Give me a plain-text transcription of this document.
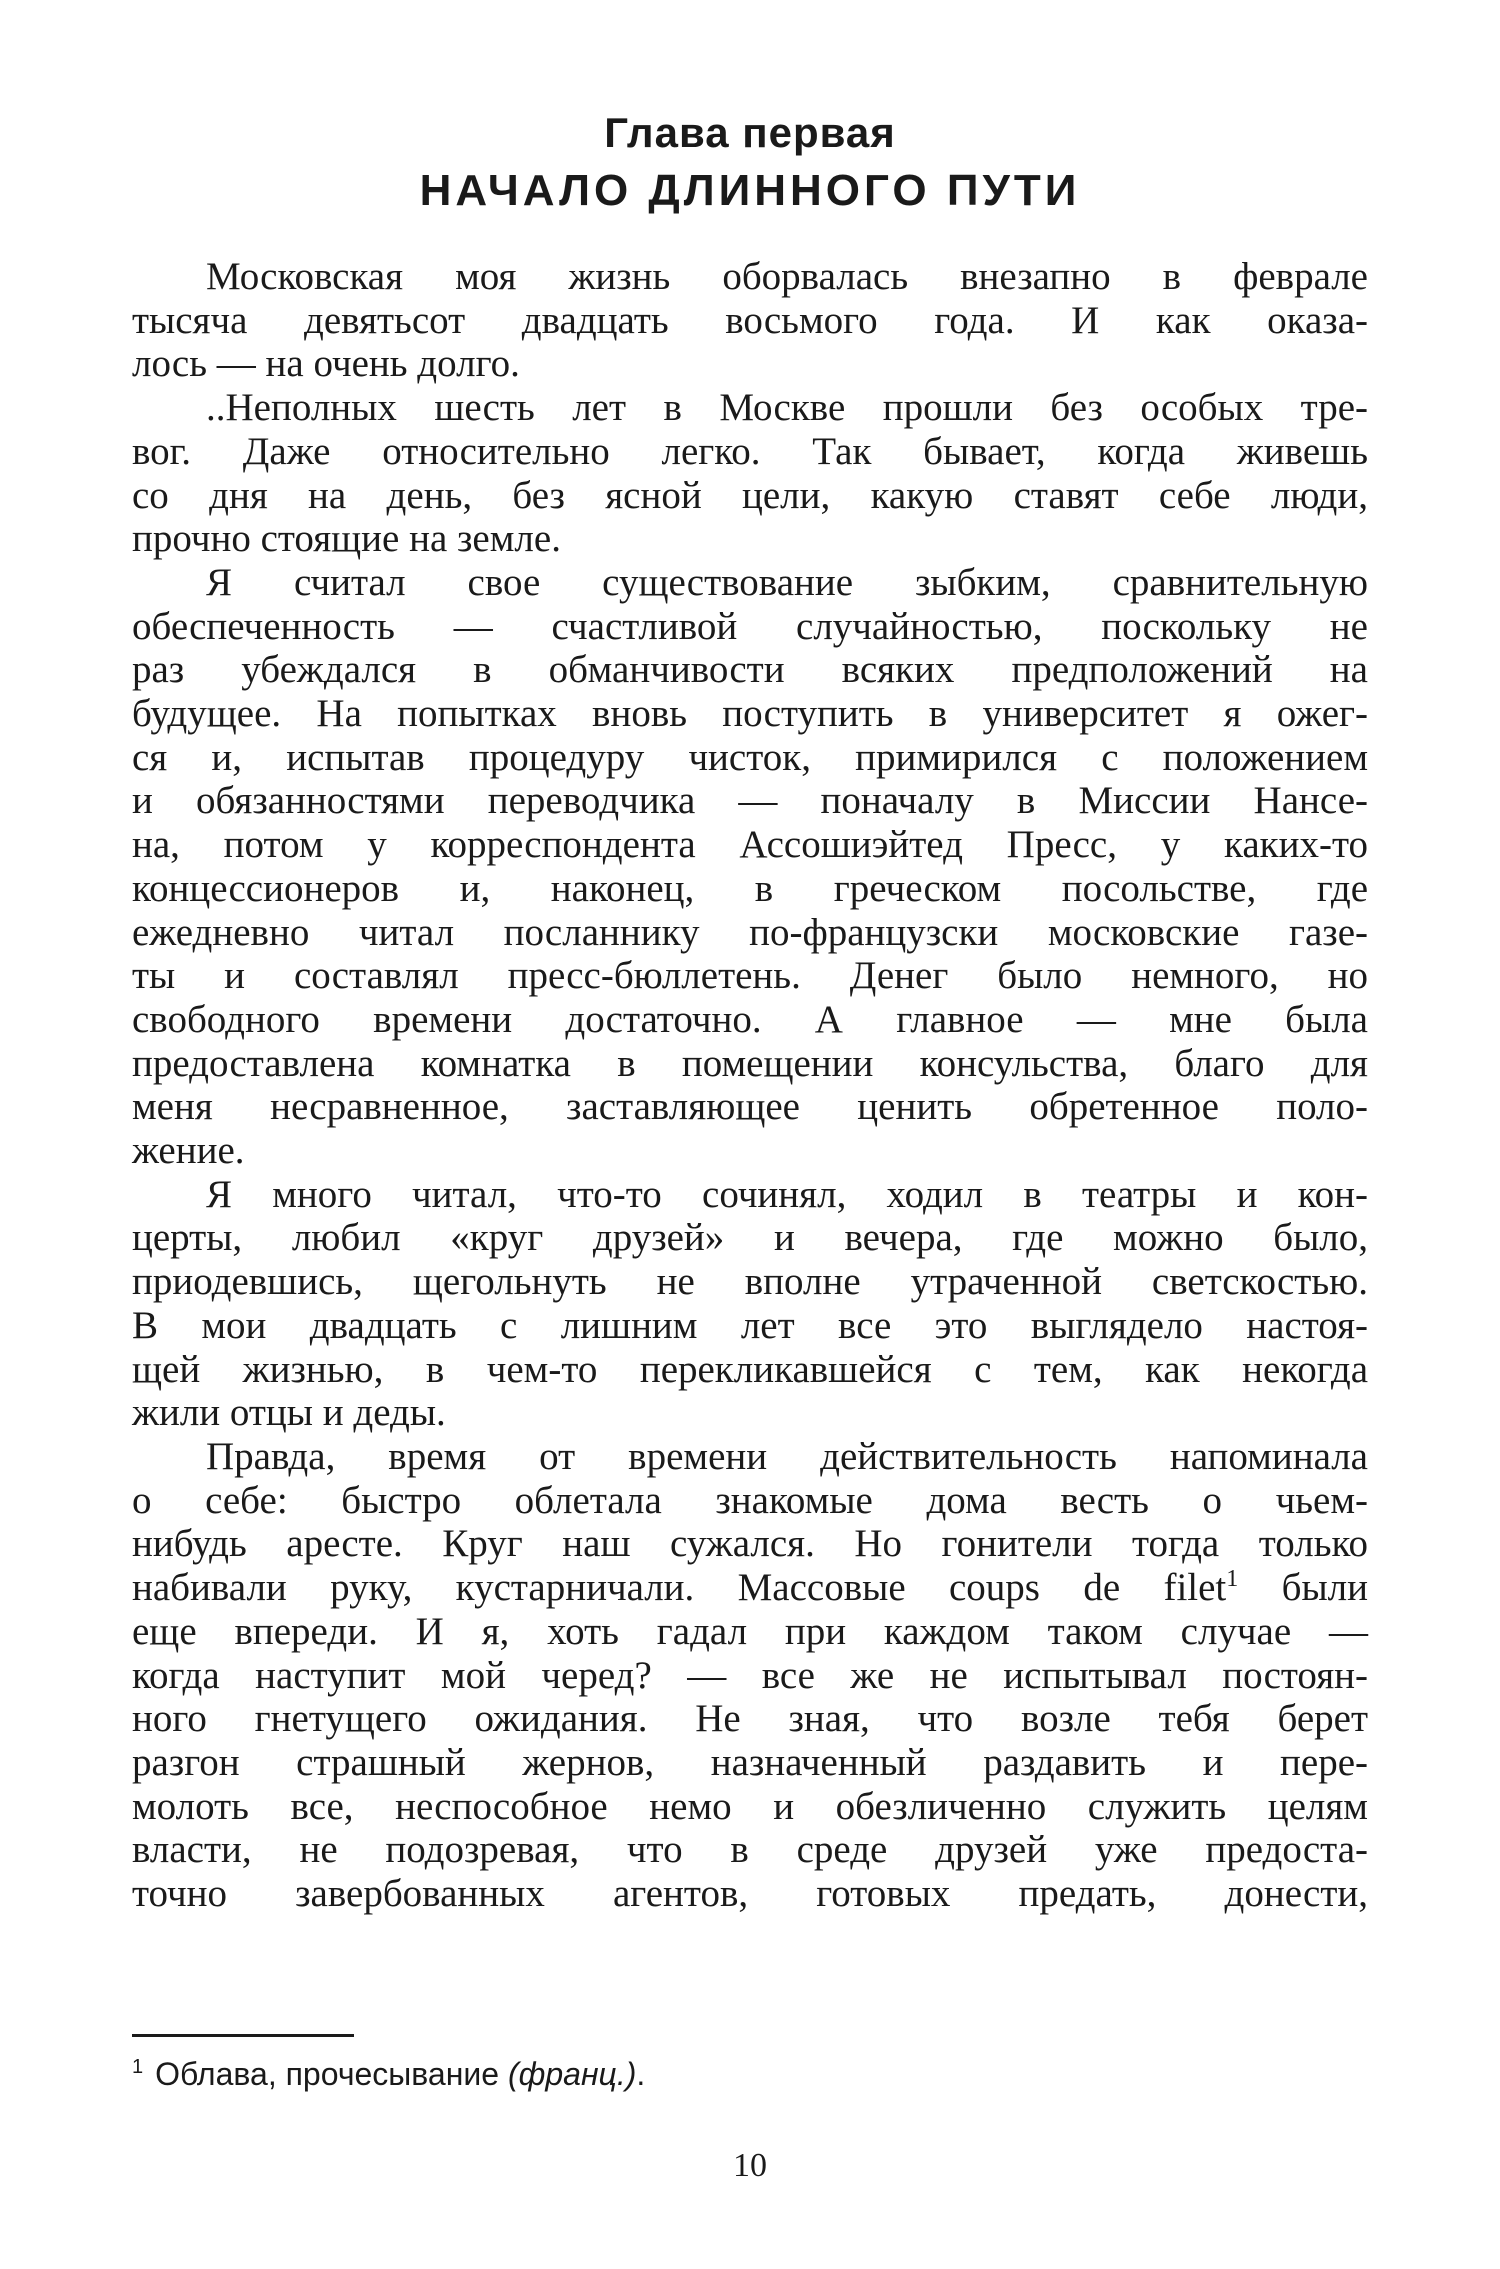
Глава первая
НАЧАЛО ДЛИННОГО ПУТИ
Московская моя жизнь оборвалась внезапно в феврале
тысяча девятьсот двадцать восьмого года. И как оказа-
лось — на очень долго.
..Неполных шесть лет в Москве прошли без особых тре-
вог. Даже относительно легко. Так бывает, когда живешь
со дня на день, без ясной цели, какую ставят себе люди,
прочно стоящие на земле.
Я считал свое существование зыбким, сравнительную
обеспеченность — счастливой случайностью, поскольку не
раз убеждался в обманчивости всяких предположений на
будущее. На попытках вновь поступить в университет я ожег-
ся и, испытав процедуру чисток, примирился с положением
и обязанностями переводчика — поначалу в Миссии Нансе-
на, потом у корреспондента Ассошиэйтед Пресс, у каких-то
концессионеров и, наконец, в греческом посольстве, где
ежедневно читал посланнику по-французски московские газе-
ты и составлял пресс-бюллетень. Денег было немного, но
свободного времени достаточно. А главное — мне была
предоставлена комнатка в помещении консульства, благо для
меня несравненное, заставляющее ценить обретенное поло-
жение.
Я много читал, что-то сочинял, ходил в театры и кон-
церты, любил «круг друзей» и вечера, где можно было,
приодевшись, щегольнуть не вполне утраченной светскостью.
В мои двадцать с лишним лет все это выглядело настоя-
щей жизнью, в чем-то перекликавшейся с тем, как некогда
жили отцы и деды.
Правда, время от времени действительность напоминала
о себе: быстро облетала знакомые дома весть о чьем-
нибудь аресте. Круг наш сужался. Но гонители тогда только
набивали руку, кустарничали. Массовые coups de filet$^1$ были
еще впереди. И я, хоть гадал при каждом таком случае —
когда наступит мой черед? — все же не испытывал постоян-
ного гнетущего ожидания. Не зная, что возле тебя берет
разгон страшный жернов, назначенный раздавить и пере-
молоть все, неспособное немо и обезличенно служить целям
власти, не подозревая, что в среде друзей уже предоста-
точно завербованных агентов, готовых предать, донести,
$^1$ Облава, прочесывание (франц.).
10
